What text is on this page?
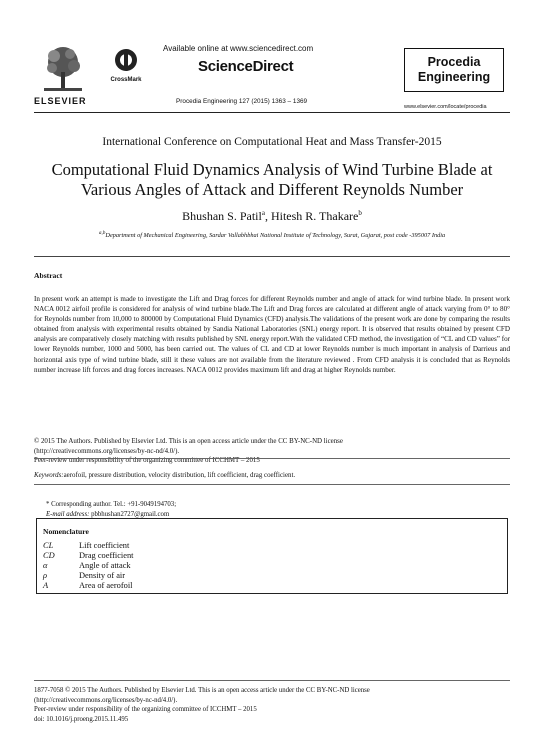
ELSEVIER
CrossMark
Available online at www.sciencedirect.com
ScienceDirect
Procedia Engineering 127 (2015) 1363 – 1369
Procedia
Engineering
www.elsevier.com/locate/procedia
International Conference on Computational Heat and Mass Transfer-2015
Computational Fluid Dynamics Analysis of Wind Turbine Blade at Various Angles of Attack and Different Reynolds Number
Bhushan S. Patil$^a$, Hitesh R. Thakare$^b$
$^{a,b}$Department of Mechanical Engineering, Sardar Vallabhbhai National Institute of Technology, Surat, Gujarat, post code -395007 India
Abstract
In present work an attempt is made to investigate the Lift and Drag forces for different Reynolds number and angle of attack for wind turbine blade. In present work NACA 0012 airfoil profile is considered for analysis of wind turbine blade.The Lift and Drag forces are calculated at different angle of attack varying from 0° to 80° for Reynolds number from 10,000 to 800000 by Computational Fluid Dynamics (CFD) analysis.The validations of the present work are done by comparing the results obtained from analysis with experimental results obtained by Sandia National Laboratories (SNL) energy report. It is observed that results obtained by present CFD analysis are comparatively closely matching with results published by SNL energy report.With the validated CFD method, the investigation of “CL and CD values” for lower Reynolds number, 1000 and 5000, has been carried out. The values of CL and CD at lower Reynolds number is much important in analysis of Darrieus and horizontal axis type of wind turbine blade, still it these values are not available from the literature reviewed . From CFD analysis it is concluded that as Reynolds number increase lift forces and drag forces increases. NACA 0012 provides maximum lift and drag at higher Reynolds number.
© 2015 The Authors. Published by Elsevier Ltd. This is an open access article under the CC BY-NC-ND license
(http://creativecommons.org/licenses/by-nc-nd/4.0/).
Peer-review under responsibility of the organizing committee of ICCHMT – 2015
Keywords:aerofoil, pressure distribution, velocity distribution, lift coefficient, drag coefficient.
* Corresponding author. Tel.: +91-9049194703;
E-mail address: pbbhushan2727@gmail.com
Nomenclature
CL	Lift coefficient
CD	Drag coefficient
α	Angle of attack
ρ	Density of air
A	Area of aerofoil
1877-7058 © 2015 The Authors. Published by Elsevier Ltd. This is an open access article under the CC BY-NC-ND license
(http://creativecommons.org/licenses/by-nc-nd/4.0/).
Peer-review under responsibility of the organizing committee of ICCHMT – 2015
doi: 10.1016/j.proeng.2015.11.495
